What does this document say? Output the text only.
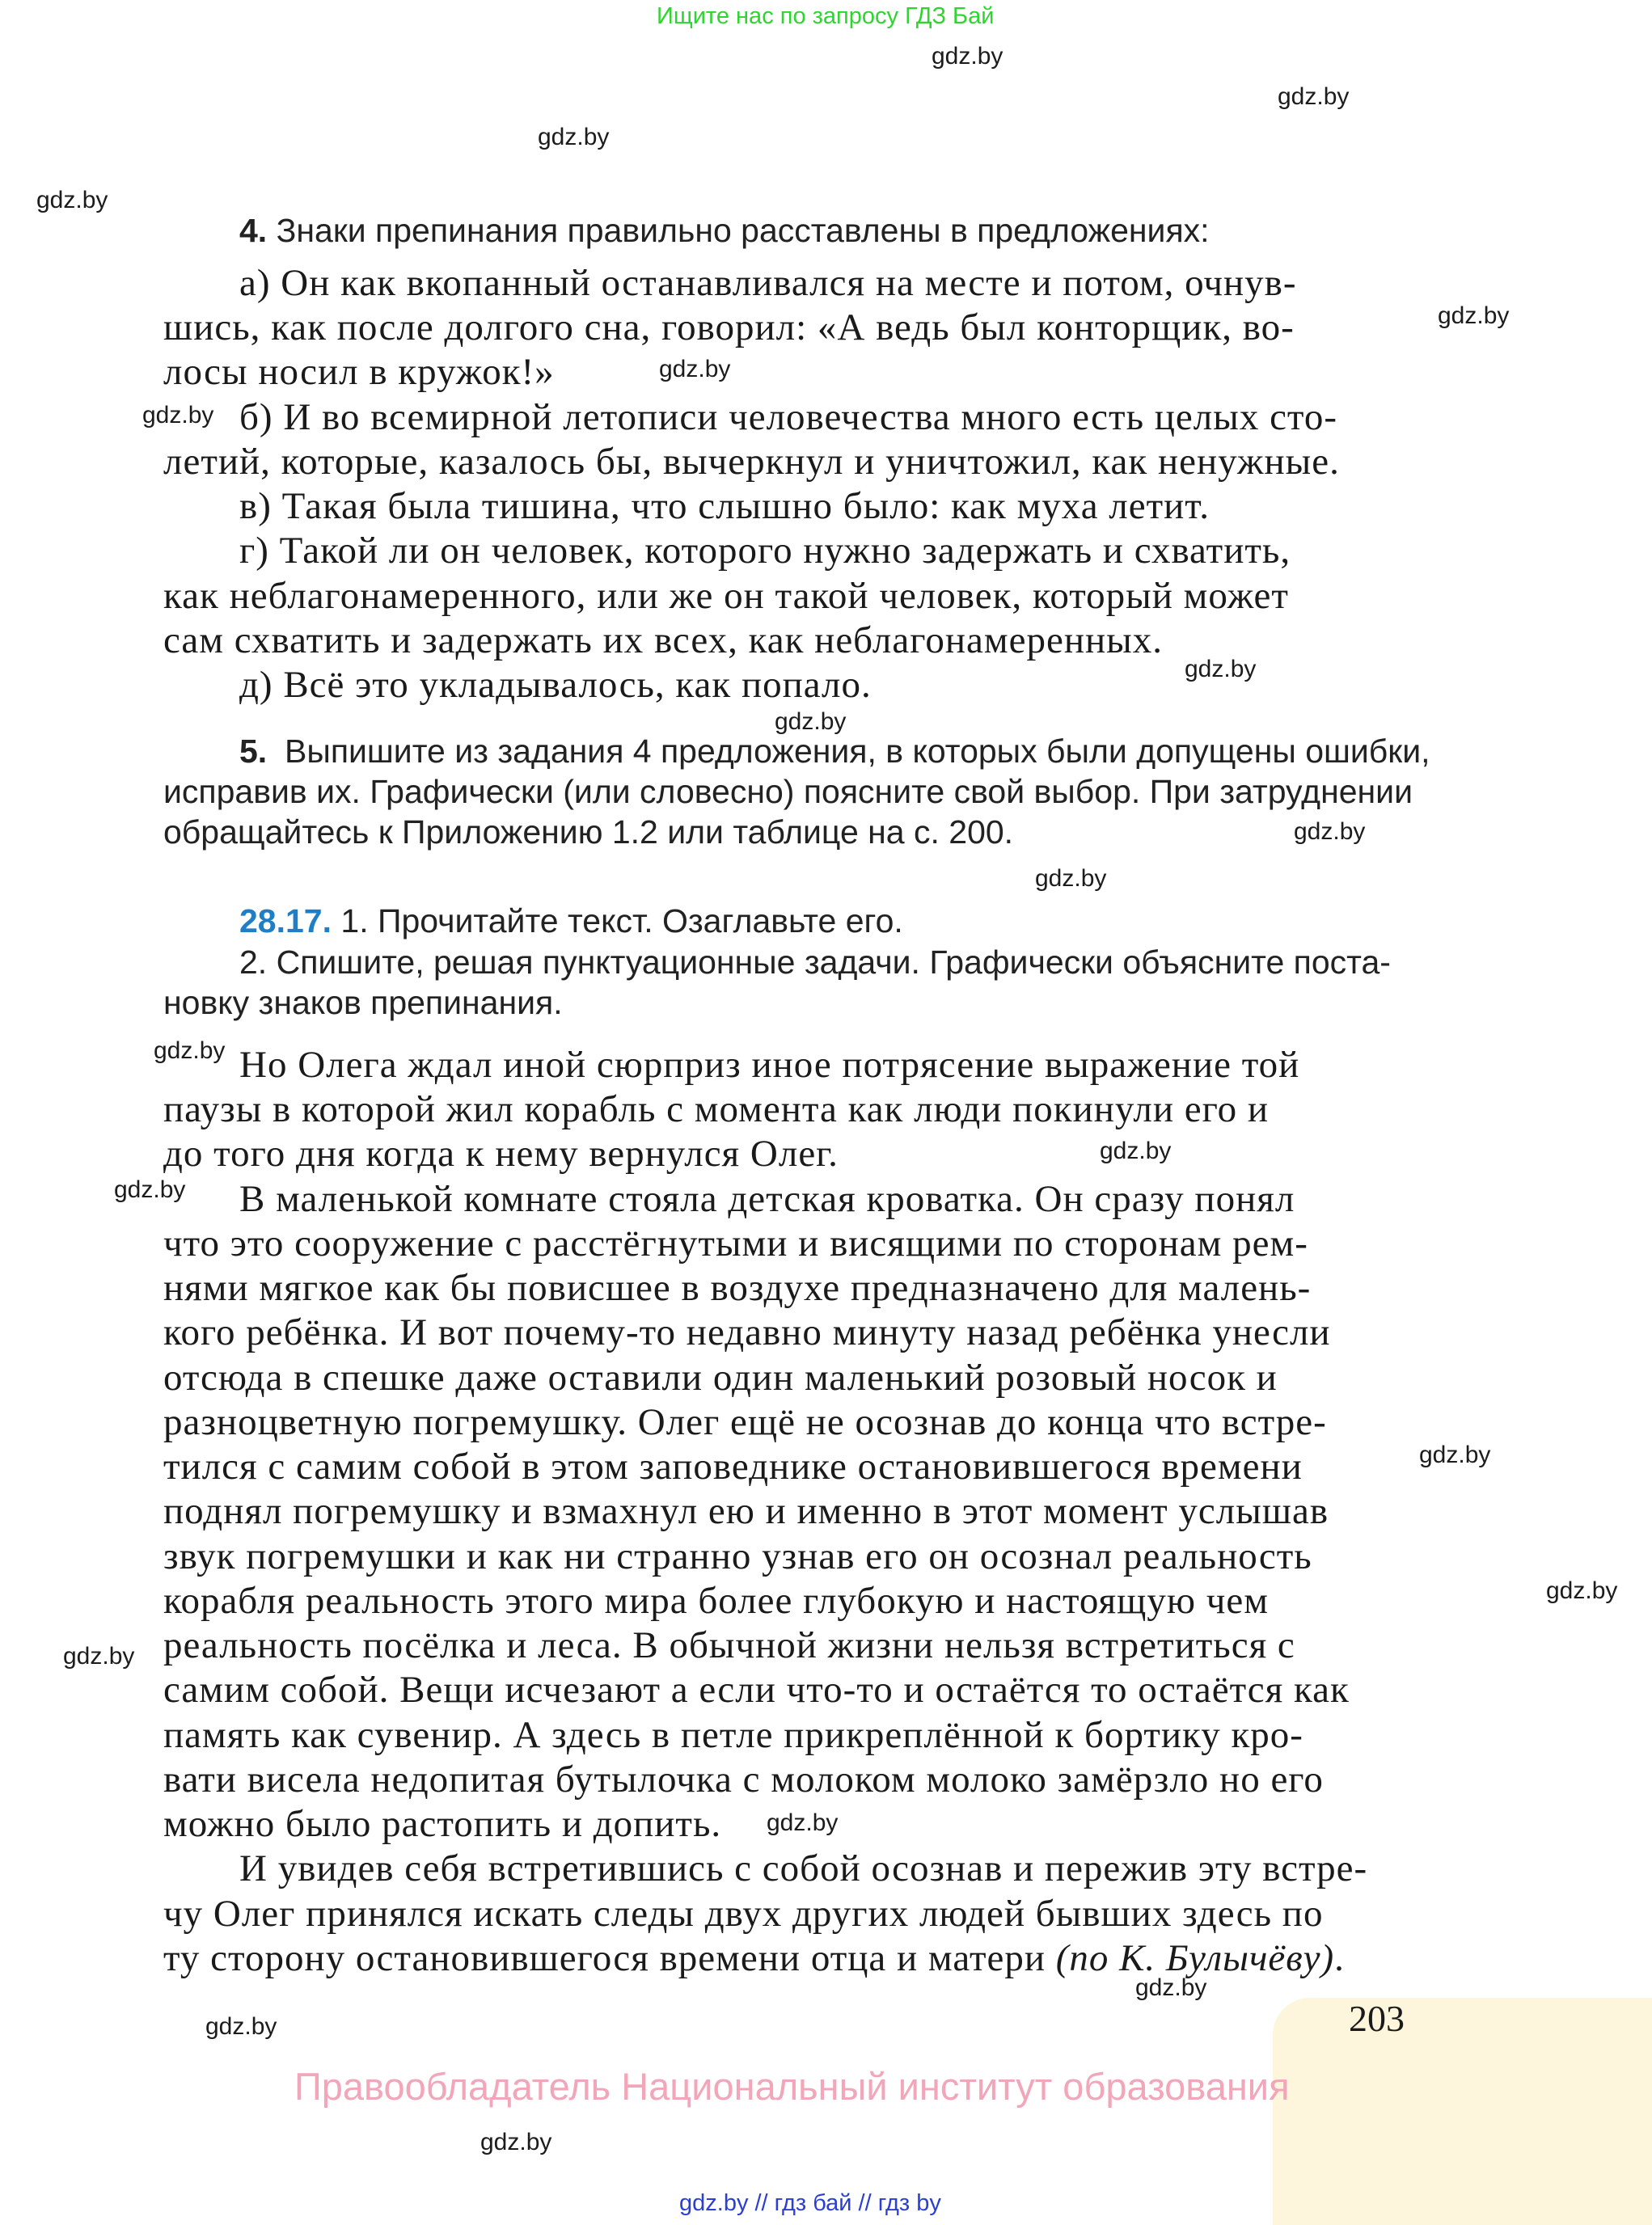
Ищите нас по запросу ГДЗ Бай
gdz.by
gdz.by
gdz.by
gdz.by
gdz.by
gdz.by
gdz.by
gdz.by
gdz.by
gdz.by
gdz.by
gdz.by
gdz.by
gdz.by
gdz.by
gdz.by
gdz.by
gdz.by
gdz.by
gdz.by
gdz.by
4. Знаки препинания правильно расставлены в предложениях:
а) Он как вкопанный останавливался на месте и потом, очнув-
шись, как после долгого сна, говорил: «А ведь был конторщик, во-
лосы носил в кружок!»
б) И во всемирной летописи человечества много есть целых сто-
летий, которые, казалось бы, вычеркнул и уничтожил, как ненужные.
в) Такая была тишина, что слышно было: как муха летит.
г) Такой ли он человек, которого нужно задержать и схватить,
как неблагонамеренного, или же он такой человек, который может
сам схватить и задержать их всех, как неблагонамеренных.
д) Всё это укладывалось, как попало.
Выпишите из задания 4 предложения, в которых были допущены ошибки,
5.
исправив их. Графически (или словесно) поясните свой выбор. При затруднении
обращайтесь к Приложению 1.2 или таблице на с. 200.
28.17. 1. Прочитайте текст. Озаглавьте его.
2. Спишите, решая пунктуационные задачи. Графически объясните поста-
новку знаков препинания.
Но Олега ждал иной сюрприз иное потрясение выражение той
паузы в которой жил корабль с момента как люди покинули его и
до того дня когда к нему вернулся Олег.
В маленькой комнате стояла детская кроватка. Он сразу понял
что это сооружение с расстёгнутыми и висящими по сторонам рем-
нями мягкое как бы повисшее в воздухе предназначено для малень-
кого ребёнка. И вот почему-то недавно минуту назад ребёнка унесли
отсюда в спешке даже оставили один маленький розовый носок и
разноцветную погремушку. Олег ещё не осознав до конца что встре-
тился с самим собой в этом заповеднике остановившегося времени
поднял погремушку и взмахнул ею и именно в этот момент услышав
звук погремушки и как ни странно узнав его он осознал реальность
корабля реальность этого мира более глубокую и настоящую чем
реальность посёлка и леса. В обычной жизни нельзя встретиться с
самим собой. Вещи исчезают а если что-то и остаётся то остаётся как
память как сувенир. А здесь в петле прикреплённой к бортику кро-
вати висела недопитая бутылочка с молоком молоко замёрзло но его
можно было растопить и допить.
И увидев себя встретившись с собой осознав и пережив эту встре-
чу Олег принялся искать следы двух других людей бывших здесь по
ту сторону остановившегося времени отца и матери (по К. Булычёву).
203
Правообладатель Национальный институт образования
gdz.by // гдз бай // гдз by
